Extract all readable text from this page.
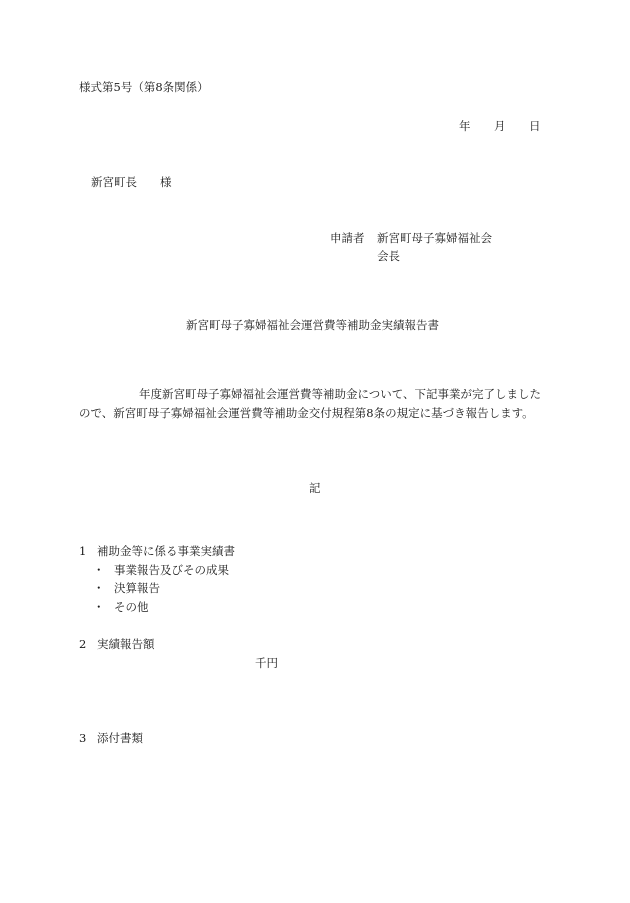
様式第5号（第8条関係）
年 月 日
新宮町長 様
申請者 新宮町母子寡婦福祉会
会長
新宮町母子寡婦福祉会運営費等補助金実績報告書
年度新宮町母子寡婦福祉会運営費等補助金について、下記事業が完了しました
ので、新宮町母子寡婦福祉会運営費等補助金交付規程第8条の規定に基づき報告します。
記
1 補助金等に係る事業実績書
・ 事業報告及びその成果
・ 決算報告
・ その他
2 実績報告額
千円
3 添付書類
